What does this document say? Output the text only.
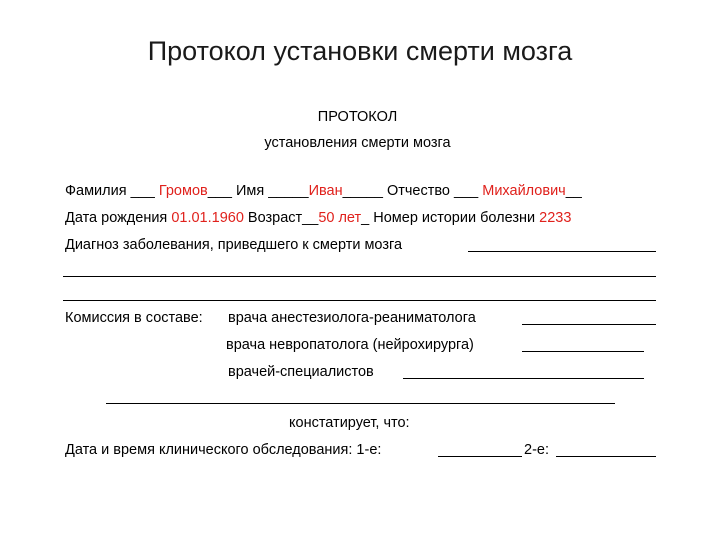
Протокол установки смерти мозга
ПРОТОКОЛ
установления смерти мозга
Фамилия ___ Громов___ Имя _____Иван_____ Отчество ___ Михайлович__
Дата рождения 01.01.1960 Возраст__50 лет_ Номер истории болезни 2233
Диагноз заболевания, приведшего к смерти мозга
Комиссия в составе: врача анестезиолога-реаниматолога
врача невропатолога (нейрохирурга)
врачей-специалистов
констатирует, что:
Дата и время клинического обследования: 1-е:	2-е:
